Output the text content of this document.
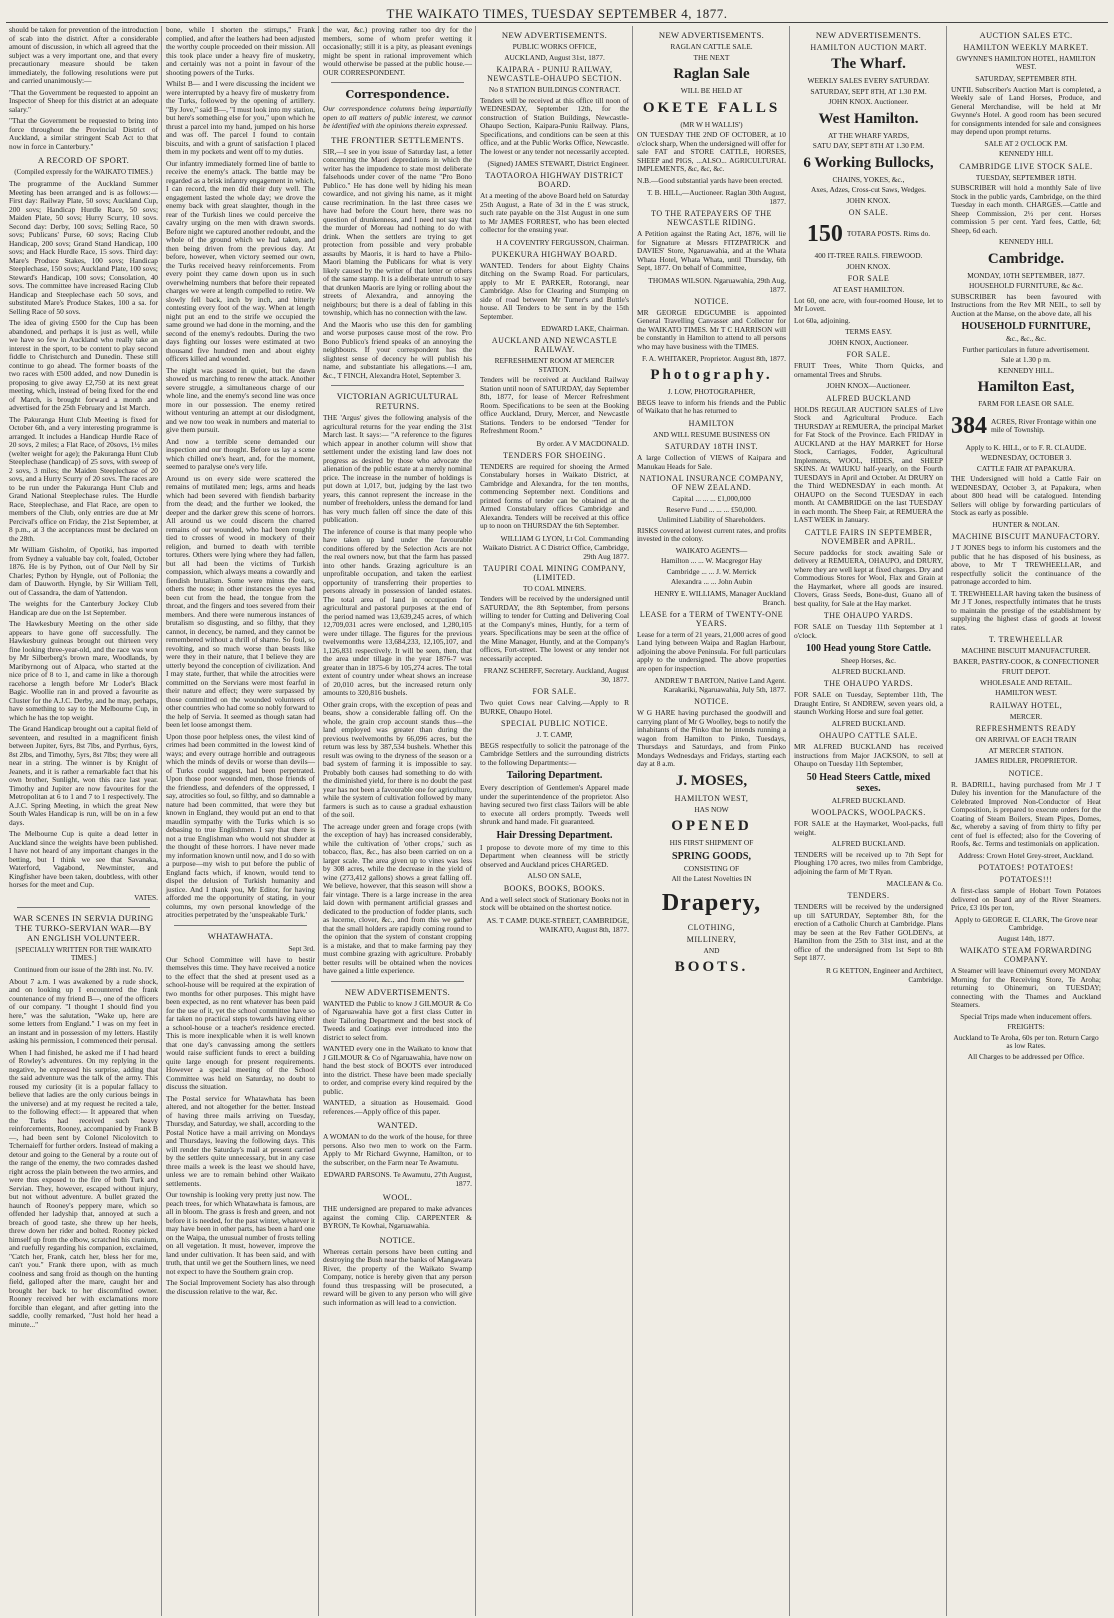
THE WAIKATO TIMES, TUESDAY SEPTEMBER 4, 1877.

should be taken for prevention of the introduction of scab into the district. After a considerable amount of discussion, in which all agreed that the subject was a very important one, and that every precautionary measure should be taken immediately, the following resolutions were put and carried unanimously:—

"That the Government be requested to appoint an Inspector of Sheep for this district at an adequate salary."

"That the Government be requested to bring into force throughout the Provincial District of Auckland, a similar stringent Scab Act to that now in force in Canterbury."

A RECORD OF SPORT.
(Compiled expressly for the WAIKATO TIMES.)

The programme of the Auckland Summer Meeting has been arranged and is as follows:— First day: Railway Plate, 50 sovs; Auckland Cup, 200 sovs; Handicap Hurdle Race, 50 sovs; Maiden Plate, 50 sovs; Hurry Scurry, 10 sovs. Second day: Derby, 100 sovs; Selling Race, 50 sovs; Publicans' Purse, 60 sovs; Racing Club Handicap, 200 sovs; Grand Stand Handicap, 100 sovs; and Hack Hurdle Race, 15 sovs. Third day: Mare's Produce Stakes, 100 sovs; Handicap Steeplechase, 150 sovs; Auckland Plate, 100 sovs; Steward's Handicap, 100 sovs; Consolation, 40 sovs. The committee have increased Racing Club Handicap and Steeplechase each 50 sovs, and substituted Mare's Produce Stakes, 100 a sa. for Selling Race of 50 sovs.

The idea of giving £500 for the Cup has been abandoned, and perhaps it is just as well, while we have so few in Auckland who really take an interest in the sport, to be content to play second fiddle to Christchurch and Dunedin. These still continue to go ahead. The former boasts of the two races with £500 added, and now Dunedin is proposing to give away £2,750 at its next great meeting, which, instead of being fixed for the end of March, is brought forward a month and advertised for the 25th February and 1st March.

The Pakuranga Hunt Club Meeting is fixed for October 6th, and a very interesting programme is arranged. It includes a Handicap Hurdle Race of 20 sovs, 2 miles; a Flat Race, of 20sovs, 1½ miles (welter weight for age); the Pakuranga Hunt Club Steeplechase (handicap) of 25 sovs, with sweep of 2 sovs, 3 miles; the Maiden Steeplechase of 20 sovs, and a Hurry Scurry of 20 sovs. The races are to be run under the Pakuranga Hunt Club and Grand National Steeplechase rules. The Hurdle Race, Steeplechase, and Flat Race, are open to members of the Club, only entries are due at Mr Percival's office on Friday, the 21st September, at 8 p.m., at 3 the acceptances must be declared on the 28th.

Mr William Gisholm, of Opotiki, has imported from Sydney a valuable bay colt, foaled, October 1876. He is by Python, out of Our Nell by Sir Charles; Python by Hyngle, out of Pollonia; the dam of Dauworth. Hyngle, by Sir William Tell, out of Cassandra, the dam of Yattendon.

The weights for the Canterbury Jockey Club Handicap are due on the 1st September.

The Hawkesbury Meeting on the other side appears to have gone off successfully. The Hawkesbury guineas brought out thirteen very fine looking three-year-old, and the race was won by Mr Silberberg's brown mare, Woodlands, by Maribyrnong out of Alpaca, who started at the nice price of 8 to 1, and came in like a thorough racehorse a length before Mr Loder's Black Bagic. Woollie ran in and proved a favourite as Cluster for the A.J.C. Derby, and he may, perhaps, have something to say to the Melbourne Cup, in which he has the top weight.

The Grand Handicap brought out a capital field of seventeen, and resulted in a magnificent finish between Jupiter, 6yrs, 8st 7lbs, and Pyrrhus, 6yrs, 8st 2lbs, and Timothy, 5yrs, 8st 7lbs; they were all near in a string. The winner is by Knight of Jeanets, and it is rather a remarkable fact that his own brother, Sunlight, won this race last year. Timothy and Jupiter are now favourites for the Metropolitan at 6 to 1 and 7 to 1 respectively. The A.J.C. Spring Meeting, in which the great New South Wales Handicap is run, will be on in a few days.

The Melbourne Cup is quite a dead letter in Auckland since the weights have been published. I have not heard of any important changes in the betting, but I think we see that Savanaka, Waterford, Vagabond, Newminster, and Kingfisher have been taken, doubtless, with other horses for the meet and Cup.

VATES.
WAR SCENES IN SERVIA DURING THE TURKO-SERVIAN WAR—BY AN ENGLISH VOLUNTEER.
[SPECIALLY WRITTEN FOR THE WAIKATO TIMES.]
Continued from our issue of the 28th inst. No. IV.

About 7 a.m. I was awakened by a rude shock, and on looking up I encountered the frank countenance of my friend B—, one of the officers of our company. "I thought I should find you here," was the salutation, "Wake up, here are some letters from England." I was on my feet in an instant and in possession of my letters. Hastily asking his permission, I commenced their perusal.

When I had finished, he asked me if I had heard of Rowley's adventures. On my replying in the negative, he expressed his surprise, adding that the said adventure was the talk of the army. This roused my curiosity (it is a popular fallacy to believe that ladies are the only curious beings in the universe) and at my request he recited a tale, to the following effect:— It appeared that when the Turks had received such heavy reinforcements, Rooney, accompanied by Frank B—, had been sent by Colonel Nicolovitch to Tchernaieff for further orders. Instead of making a detour and going to the General by a route out of the range of the enemy, the two comrades dashed right across the plain between the two armies, and were thus exposed to the fire of both Turk and Servian. They, however, escaped without injury, but not without adventure. A bullet grazed the haunch of Rooney's peppery mare, which so offended her ladyship that, annoyed at such a breach of good taste, she threw up her heels, threw down her rider and bolted. Rooney picked himself up from the elbow, scratched his cranium, and ruefully regarding his companion, exclaimed, "Catch her, Frank, catch her, bless her for me, can't you." Frank there upon, with as much coolness and sang froid as though on the hunting field, galloped after the mare, caught her and brought her back to her discomfited owner. Rooney received her with exclamations more forcible than elegant, and after getting into the saddle, coolly remarked, "Just hold her head a minute..."

bone, while I shorten the stirrups," Frank complied, and after the leathers had been adjusted the worthy couple proceeded on their mission. All this took place under a heavy fire of musketry, and certainly was not a point in favour of the shooting powers of the Turks.

Whilst B— and I were discussing the incident we were interrupted by a heavy fire of musketry from the Turks, followed by the opening of artillery. "By Jove," said B—, "I must look into my station, but here's something else for you," upon which he thrust a parcel into my hand, jumped on his horse and was off. The parcel I found to contain biscuits, and with a grunt of satisfaction I placed them in my pockets and went off to my duties.

Our infantry immediately formed line of battle to receive the enemy's attack. The battle may be regarded as a brisk infantry engagement in which, I can record, the men did their duty well. The engagement lasted the whole day; we drove the enemy back with great slaughter, though in the rear of the Turkish lines we could perceive the cavalry urging on the men with drawn swords. Before night we captured another redoubt, and the whole of the ground which we had taken, and then being driven from the previous day. At before, however, when victory seemed our own, the Turks received heavy reinforcements. From every point they came down upon us in such overwhelming numbers that before their repeated charges we were at length compelled to retire. We slowly fell back, inch by inch, and bitterly contesting every foot of the way. When at length night put an end to the strife we occupied the same ground we had done in the morning, and the second of the enemy's redoubts. During the two days fighting our losses were estimated at two thousand five hundred men and about eighty officers killed and wounded.

The night was passed in quiet, but the dawn showed us marching to renew the attack. Another severe struggle, a simultaneous charge of our whole line, and the enemy's second line was once more in our possession. The enemy retired without venturing an attempt at our dislodgment, and we now too weak in numbers and material to give them pursuit.

And now a terrible scene demanded our inspection and our thought. Before us lay a scene which chilled one's heart, and, for the moment, seemed to paralyse one's very life.

Around us on every side were scattered the remains of mutilated men; legs, arms and heads which had been severed with fiendish barbarity from the dead; and the further we looked, the deeper and the darker grew this scene of horrors. All around us we could discern the charred remains of our wounded, who had been roughly tied to crosses of wood in mockery of their religion, and burned to death with terrible tortures. Others were lying where they had fallen, but all had been the victims of Turkish compassion, which always means a cowardly and fiendish brutalism. Some were minus the ears, others the nose; in other instances the eyes had been cut from the head, the tongue from the throat, and the fingers and toes severed from their members. And there were numerous instances of brutalism so disgusting, and so filthy, that they cannot, in decency, be named, and they cannot be remembered without a thrill of shame. So foul, so revolting, and so much worse than beasts like were they in their nature, that I believe they are utterly beyond the conception of civilization. And I may state, further, that while the atrocities were committed on the Servians were most fearful in their nature and effect; they were surpassed by those committed on the wounded volunteers of other countries who had come so nobly forward to the help of Servia. It seemed as though satan had been let loose amongst them.

Upon those poor helpless ones, the vilest kind of crimes had been committed in the lowest kind of ways; and every outrage horrible and outrageous which the minds of devils or worse than devils—of Turks could suggest, had been perpetrated. Upon those poor wounded men, those friends of the friendless, and defenders of the oppressed, I say, atrocities so foul, so filthy, and so damnable a nature had been committed, that were they but known in England, they would put an end to that maudlin sympathy with the Turks which is so debasing to true Englishmen. I say that there is not a true Englishman who would not shudder at the thought of these horrors. I have never made my information known until now, and I do so with a purpose—my wish to put before the public of England facts which, if known, would tend to dispel the delusion of Turkish humanity and justice. And I thank you, Mr Editor, for having afforded me the opportunity of stating, in your columns, my own personal knowledge of the atrocities perpetrated by the 'unspeakable Turk.'

WHATAWHATA.
Sept 3rd.

Our School Committee will have to bestir themselves this time. They have received a notice to the effect that the shed at present used as a school-house will be required at the expiration of two months for other purposes. This might have been expected, as no rent whatever has been paid for the use of it, yet the school committee have so far taken no practical steps towards having either a school-house or a teacher's residence erected. This is more inexplicable when it is well known that one day's canvassing among the settlers would raise sufficient funds to erect a building quite large enough for present requirements. However a special meeting of the School Committee was held on Saturday, no doubt to discuss the situation.

The Postal service for Whatawhata has been altered, and not altogether for the better. Instead of having three mails arriving on Tuesday, Thursday, and Saturday, we shall, according to the Postal Notice have a mail arriving on Mondays and Thursdays, leaving the following days. This will render the Saturday's mail at present carried by the settlers quite unnecessary, but in any case three mails a week is the least we should have, unless we are to remain behind other Waikato settlements.

Our township is looking very pretty just now. The peach trees, for which Whatawhata is famous, are all in bloom. The grass is fresh and green, and not before it is needed, for the past winter, whatever it may have been in other parts, has been a hard one on the Waipa, the unusual number of frosts telling on all vegetation. It must, however, improve the land under cultivation. It has been said, and with truth, that until we get the Southern lines, we need not expect to have the Southern grain crop.

The Social Improvement Society has also through the discussion relative to the war, &c.

the war, &c.) proving rather too dry for the members, some of whom prefer wetting it occasionally; still it is a pity, as pleasant evenings might be spent in rational improvement which would otherwise be passed at the public house.—OUR CORRESPONDENT.

Correspondence.

Our correspondence columns being impartially open to all matters of public interest, we cannot be identified with the opinions therein expressed.

THE FRONTIER SETTLEMENTS.

SIR,—I see in you issue of Saturday last, a letter concerning the Maori depredations in which the writer has the impudence to state most deliberate falsehoods under cover of the name "Pro Bono Publico." He has done well by hiding his mean cowardice, and not giving his name, as it might cause recrimination. In the last three cases we have had before the Court here, there was no question of drunkenness, and I need not say that the murder of Moreau had nothing to do with drink. When the settlers are trying to get protection from possible and very probable assaults by Maoris, it is hard to have a Philo-Maori blaming the Publicans for what is very likely caused by the writer of that letter or others of the same stamp. It is a deliberate untruth to say that drunken Maoris are lying or rolling about the streets of Alexandra, and annoying the neighbours; but there is a deal of fabling in this township, which has no connection with the law.

And the Maoris who use this den for gambling and worse purposes cause most of the row. Pro Bono Publico's friend speaks of an annoying the neighbours. If your correspondent has the slightest sense of decency he will publish his name, and substantiate his allegations.—I am, &c., T FINCH, Alexandra Hotel, September 3.

VICTORIAN AGRICULTURAL RETURNS.

THE 'Argus' gives the following analysis of the agricultural returns for the year ending the 31st March last. It says:— "A reference to the figures which appear in another column will show that settlement under the existing land law does not progress as desired by those who advocate the alienation of the public estate at a merely nominal price. The increase in the number of holdings is put down at 1,017, but, judging by the last two years, this cannot represent the increase in the number of freeholders, unless the demand for land has very much fallen off since the date of this publication.

The inference of course is that many people who have taken up land under the favourable conditions offered by the Selection Acts are not the real owners now, but that the farm has passed into other hands. Grazing agriculture is an unprofitable occupation, and taken the earliest opportunity of transferring their properties to persons already in possession of landed estates. The total area of land in occupation for agricultural and pastoral purposes at the end of the period named was 13,639,245 acres, of which 12,709,031 acres were enclosed, and 1,280,105 were under tillage. The figures for the previous twelvemonths were 13,684,233, 12,105,107, and 1,126,831 respectively. It will be seen, then, that the area under tillage in the year 1876-7 was greater than in 1875-6 by 105,274 acres. The total extent of country under wheat shows an increase of 20,010 acres, but the increased return only amounts to 320,816 bushels.

Other grain crops, with the exception of peas and beans, show a considerable falling off. On the whole, the grain crop account stands thus—the land employed was greater than during the previous twelvemonths by 66,096 acres, but the return was less by 387,534 bushels. Whether this result was owing to the dryness of the season or a bad system of farming it is impossible to say. Probably both causes had something to do with the diminished yield, for there is no doubt the past year has not been a favourable one for agriculture, while the system of cultivation followed by many farmers is such as to cause a gradual exhaustion of the soil.

The acreage under green and forage crops (with the exception of hay) has increased considerably, while the cultivation of 'other crops,' such as tobacco, flax, &c., has also been carried on on a larger scale. The area given up to vines was less by 308 acres, while the decrease in the yield of wine (273,412 gallons) shows a great falling off. We believe, however, that this season will show a fair vintage. There is a large increase in the area laid down with permanent artificial grasses and dedicated to the production of fodder plants, such as lucerne, clover, &c., and from this we gather that the small holders are rapidly coming round to the opinion that the system of constant cropping is a mistake, and that to make farming pay they must combine grazing with agriculture. Probably better results will be obtained when the novices have gained a little experience.

NEW ADVERTISEMENTS.

WANTED the Public to know J GILMOUR & Co of Ngaruawahia have got a first class Cutter in their Tailoring Department and the best stock of Tweeds and Coatings ever introduced into the district to select from.

WANTED every one in the Waikato to know that J GILMOUR & Co of Ngaruawahia, have now on hand the best stock of BOOTS ever introduced into the district. These have been made specially to order, and comprise every kind required by the public.

WANTED, a situation as Housemaid. Good references.—Apply office of this paper.

WANTED.

A WOMAN to do the work of the house, for three persons. Also two men to work on the Farm. Apply to Mr Richard Gwynne, Hamilton, or to the subscriber, on the Farm near Te Awamutu.

EDWARD PARSONS. Te Awamutu, 27th August, 1877.
WOOL.

THE undersigned are prepared to make advances against the coming Clip. CARPENTER & BYRON, Te Kowhai, Ngaruawahia.

NOTICE.

Whereas certain persons have been cutting and destroying the Bush near the banks of Mangawara River, the property of the Waikato Swamp Company, notice is hereby given that any person found thus trespassing will be prosecuted, a reward will be given to any person who will give such information as will lead to a conviction.

NEW ADVERTISEMENTS.
PUBLIC WORKS OFFICE,
AUCKLAND, August 31st, 1877.
KAIPARA - PUNIU RAILWAY, NEWCASTLE-OHAUPO SECTION.
No 8 STATION BUILDINGS CONTRACT.

Tenders will be received at this office till noon of WEDNESDAY, September 12th, for the construction of Station Buildings, Newcastle-Ohaupo Section, Kaipara-Puniu Railway. Plans, Specifications, and conditions can be seen at this office, and at the Public Works Office, Newcastle. The lowest or any tender not necessarily accepted.

(Signed) JAMES STEWART, District Engineer.
TAOTAOROA HIGHWAY DISTRICT BOARD.

At a meeting of the above Board held on Saturday 25th August, a Rate of 3d in the £ was struck, such rate payable on the 31st August in one sum to Mr JAMES FORREST, who has been elected collector for the ensuing year.

H A COVENTRY FERGUSSON, Chairman.
PUKEKURA HIGHWAY BOARD.

WANTED. Tenders for about Eighty Chains ditching on the Swamp Road. For particulars, apply to Mr E PARKER, Rotorangi, near Cambridge. Also for Clearing and Stumping on side of road between Mr Turner's and Buttle's house. All Tenders to be sent in by the 15th September.

EDWARD LAKE, Chairman.
AUCKLAND AND NEWCASTLE RAILWAY.
REFRESHMENT ROOM AT MERCER STATION.

Tenders will be received at Auckland Railway Station until noon of SATURDAY, day September 8th, 1877, for lease of Mercer Refreshment Room. Specifications to be seen at the Booking office Auckland, Drury, Mercer, and Newcastle Stations. Tenders to be endorsed "Tender for Refreshment Room."

By order. A V MACDONALD.
TENDERS FOR SHOEING.

TENDERS are required for shoeing the Armed Constabulary horses in Waikato District, at Cambridge and Alexandra, for the ten months, commencing September next. Conditions and printed forms of tender can be obtained at the Armed Constabulary offices Cambridge and Alexandra. Tenders will be received at this office up to noon on THURSDAY the 6th September.

WILLIAM G LYON, Lt Col. Commanding Waikato District. A C District Office, Cambridge, 29th Aug 1877.
TAUPIRI COAL MINING COMPANY, (LIMITED.
TO COAL MINERS.

Tenders will be received by the undersigned until SATURDAY, the 8th September, from persons willing to tender for Cutting and Delivering Coal at the Company's mines, Huntly, for a term of years. Specifications may be seen at the office of the Mine Manager, Huntly, and at the Company's offices, Fort-street. The lowest or any tender not necessarily accepted.

FRANZ SCHERFF, Secretary. Auckland, August 30, 1877.
FOR SALE.

Two quiet Cows near Calving.—Apply to R BURKE, Ohaupo Hotel.

SPECIAL PUBLIC NOTICE.
J. T. CAMP,

BEGS respectfully to solicit the patronage of the Cambridge Settlers and the surrounding districts to the following Departments:—

Tailoring Department.

Every description of Gentlemen's Apparel made under the superintendence of the proprietor. Also having secured two first class Tailors will be able to execute all orders promptly. Tweeds well shrunk and hand made. Fit guaranteed.

Hair Dressing Department.

I propose to devote more of my time to this Department when cleanness will be strictly observed and Auckland prices CHARGED.

ALSO ON SALE,
BOOKS, BOOKS, BOOKS.

And a well select stock of Stationary Books not in stock will be obtained on the shortest notice.

AS. T CAMP. DUKE-STREET, CAMBRIDGE, WAIKATO, August 8th, 1877.
NEW ADVERTISEMENTS.
RAGLAN CATTLE SALE.
THE NEXT
Raglan Sale
WILL BE HELD AT
OKETE FALLS
(MR W H WALLIS')

ON TUESDAY THE 2ND OF OCTOBER, at 10 o'clock sharp, When the undersigned will offer for sale FAT and STORE CATTLE, HORSES, SHEEP and PIGS, ...ALSO... AGRICULTURAL IMPLEMENTS, &c, &c, &c.

N.B.—Good substantial yards have been erected.

T. B. HILL,—Auctioneer. Raglan 30th August, 1877.
TO THE RATEPAYERS OF THE NEWCASTLE RIDING.

A Petition against the Rating Act, 1876, will lie for Signature at Messrs FITZPATRICK and DAVIES' Store, Ngaruawahia, and at the Whata Whata Hotel, Whata Whata, until Thursday, 6th Sept, 1877. On behalf of Committee,

THOMAS WILSON. Ngaruawahia, 29th Aug, 1877.
NOTICE.

MR GEORGE EDGCUMBE is appointed General Travelling Canvasser and Collector for the WAIKATO TIMES. Mr T C HARRISON will be constantly in Hamilton to attend to all persons who may have business with the TIMES.

F. A. WHITAKER, Proprietor. August 8th, 1877.
Photography.
J. LOW, PHOTOGRAPHER,

BEGS leave to inform his friends and the Public of Waikato that he has returned to

HAMILTON
AND WILL RESUME BUSINESS ON
SATURDAY 18TH INST.

A large Collection of VIEWS of Kaipara and Manukau Heads for Sale.

NATIONAL INSURANCE COMPANY, OF NEW ZEALAND.
Capital ... ... ... £1,000,000
Reserve Fund ... ... ... £50,000.
Unlimited Liability of Shareholders.

RISKS covered at lowest current rates, and profits invested in the colony.

WAIKATO AGENTS—
Hamilton ... ... W. Macgregor Hay
Cambridge ... ... J. W. Merrick
Alexandra ... ... John Aubin
HENRY E. WILLIAMS, Manager Auckland Branch.
LEASE for a TERM of TWENTY-ONE YEARS.

Lease for a term of 21 years, 21,000 acres of good Land lying between Waipa and Raglan Harbour, adjoining the above Peninsula. For full particulars apply to the undersigned. The above properties are open for inspection.

ANDREW T BARTON, Native Land Agent. Karakariki, Ngaruawahia, July 5th, 1877.
NOTICE.

W G HARE having purchased the goodwill and carrying plant of Mr G Woolley, begs to notify the inhabitants of the Pinko that he intends running a wagon from Hamilton to Pinko, Tuesdays, Thursdays and Saturdays, and from Pinko Mondays Wednesdays and Fridays, starting each day at 8 a.m.

J. MOSES,
HAMILTON WEST,
HAS NOW
OPENED
HIS FIRST SHIPMENT OF
SPRING GOODS,
CONSISTING OF
All the Latest Novelties IN
Drapery,
CLOTHING,
MILLINERY,
AND
BOOTS.
NEW ADVERTISEMENTS.
HAMILTON AUCTION MART.
The Wharf.
WEEKLY SALES EVERY SATURDAY.
SATURDAY, SEPT 8TH, AT 1.30 P.M.
JOHN KNOX. Auctioneer.
West Hamilton.
AT THE WHARF YARDS,
SATU DAY, SEPT 8TH AT 1.30 P.M.
6 Working Bullocks,
CHAINS, YOKES, &c.,
Axes, Adzes, Cross-cut Saws, Wedges.
JOHN KNOX.
ON SALE.
150 TOTARA POSTS. Rims do.
400 IT-TREE RAILS. FIREWOOD.
JOHN KNOX.
FOR SALE
AT EAST HAMILTON.

Lot 60, one acre, with four-roomed House, let to Mr Lovett.

Lot 60a, adjoining.

TERMS EASY.
JOHN KNOX, Auctioneer.
FOR SALE.

FRUIT Trees, White Thorn Quicks, and ornamental Trees and Shrubs.

JOHN KNOX—Auctioneer.
ALFRED BUCKLAND

HOLDS REGULAR AUCTION SALES of Live Stock and Agricultural Produce. Each THURSDAY at REMUERA, the principal Market for Fat Stock of the Province. Each FRIDAY in AUCKLAND at the HAY MARKET for Horse Stock, Carriages, Fodder, Agricultural Implements, WOOL, HIDES, and SHEEP SKINS. At WAIUKU half-yearly, on the Fourth TUESDAYS in April and October. At DRURY on the Third WEDNESDAY in each month. At OHAUPO on the Second TUESDAY in each month. At CAMBRIDGE on the last TUESDAY in each month. The Sheep Fair, at REMUERA the LAST WEEK in January.

CATTLE FAIRS IN SEPTEMBER, NOVEMBER and APRIL.

Secure paddocks for stock awaiting Sale or delivery at REMUERA, OHAUPO, and DRURY, where they are well kept at fixed charges. Dry and Commodious Stores for Wool, Flax and Grain at the Haymarket, where all goods are insured. Clovers, Grass Seeds, Bone-dust, Guano all of best quality, for Sale at the Hay market.

THE OHAUPO YARDS.

FOR SALE on Tuesday 11th September at 1 o'clock.

100 Head young Store Cattle.
Sheep Horses, &c.
ALFRED BUCKLAND.
THE OHAUPO YARDS.

FOR SALE on Tuesday, September 11th, The Draught Entire, St ANDREW, seven years old, a staunch Working Horse and sure foal getter.

ALFRED BUCKLAND.
OHAUPO CATTLE SALE.

MR ALFRED BUCKLAND has received instructions from Major JACKSON, to sell at Ohaupo on Tuesday 11th September,

50 Head Steers Cattle, mixed sexes.
ALFRED BUCKLAND.
WOOLPACKS, WOOLPACKS.

FOR SALE at the Haymarket, Wool-packs, full weight.

ALFRED BUCKLAND.

TENDERS will be received up to 7th Sept for Ploughing 170 acres, two miles from Cambridge, adjoining the farm of Mr T Ryan.

MACLEAN & Co.
TENDERS.

TENDERS will be received by the undersigned up till SATURDAY, September 8th, for the erection of a Catholic Church at Cambridge. Plans may be seen at the Rev Father GOLDEN's, at Hamilton from the 25th to 31st inst, and at the office of the undersigned from 1st Sept to 8th Sept 1877.

R G KETTON, Engineer and Architect, Cambridge.
AUCTION SALES ETC.
HAMILTON WEEKLY MARKET.
GWYNNE'S HAMILTON HOTEL, HAMILTON WEST.
SATURDAY, SEPTEMBER 8TH.

UNTIL Subscriber's Auction Mart is completed, a Weekly sale of Land Horses, Produce, and General Merchandise, will be held at Mr Gwynne's Hotel. A good room has been secured for consignments intended for sale and consignees may depend upon prompt returns.

SALE AT 2 O'CLOCK P.M.
KENNEDY HILL
CAMBRIDGE LIVE STOCK SALE.
TUESDAY, SEPTEMBER 18TH.

SUBSCRIBER will hold a monthly Sale of live Stock in the public yards, Cambridge, on the third Tuesday in each month. CHARGES.—Cattle and Sheep Commission, 2½ per cent. Horses commission 5 per cent. Yard fees, Cattle, 6d; Sheep, 6d each.

KENNEDY HILL
Cambridge.
MONDAY, 10TH SEPTEMBER, 1877.
HOUSEHOLD FURNITURE, &c &c.

SUBSCRIBER has been favoured with Instructions from the Rev MR NEIL, to sell by Auction at the Manse, on the above date, all his

HOUSEHOLD FURNITURE,
&c., &c., &c.
Further particulars in future advertisement.
Sale at 1.30 p m.
KENNEDY HILL.
Hamilton East,
FARM FOR LEASE OR SALE.
384 ACRES, River Frontage within one mile of Township.
Apply to K. HILL, or to F. R. CLAUDE.
WEDNESDAY, OCTOBER 3.
CATTLE FAIR AT PAPAKURA.

THE Undersigned will hold a Cattle Fair on WEDNESDAY, October 3, at Papakura, when about 800 head will be catalogued. Intending Sellers will oblige by forwarding particulars of Stock as early as possible.

HUNTER & NOLAN.
MACHINE BISCUIT MANUFACTORY.

J T JONES begs to inform his customers and the public that he has disposed of his business, as above, to Mr T TREWHEELLAR, and respectfully solicit the continuance of the patronage accorded to him.

T. TREWHEELLAR having taken the business of Mr J T Jones, respectfully intimates that he trusts to maintain the prestige of the establishment by supplying the highest class of goods at lowest rates.

T. TREWHEELLAR
MACHINE BISCUIT MANUFACTURER.
BAKER, PASTRY-COOK, & CONFECTIONER
FRUIT DEPOT.
WHOLESALE AND RETAIL.
HAMILTON WEST.
RAILWAY HOTEL,
MERCER.
REFRESHMENTS READY
ON ARRIVAL OF EACH TRAIN
AT MERCER STATION.
JAMES RIDLER, PROPRIETOR.
NOTICE.

R. BADRILL, having purchased from Mr J T Duley his invention for the Manufacture of the Celebrated Improved Non-Conductor of Heat Composition, is prepared to execute orders for the Coating of Steam Boilers, Steam Pipes, Domes, &c, whereby a saving of from thirty to fifty per cent of fuel is effected; also for the Covering of Roofs, &c. Terms and testimonials on application.

Address: Crown Hotel Grey-street, Auckland.
POTATOES! POTATOES!
POTATOES!!!

A first-class sample of Hobart Town Potatoes delivered on Board any of the River Steamers. Price, £3 10s per ton,

Apply to GEORGE E. CLARK, The Grove near Cambridge.
August 14th, 1877.
WAIKATO STEAM FORWARDING COMPANY.

A Steamer will leave Ohinemuri every MONDAY Morning for the Receiving Store, Te Aroha; returning to Ohinemuri, on TUESDAY; connecting with the Thames and Auckland Steamers.

Special Trips made when inducement offers.
FREIGHTS:
Auckland to Te Aroha, 60s per ton. Return Cargo as low Rates.
All Charges to be addressed per Office.
